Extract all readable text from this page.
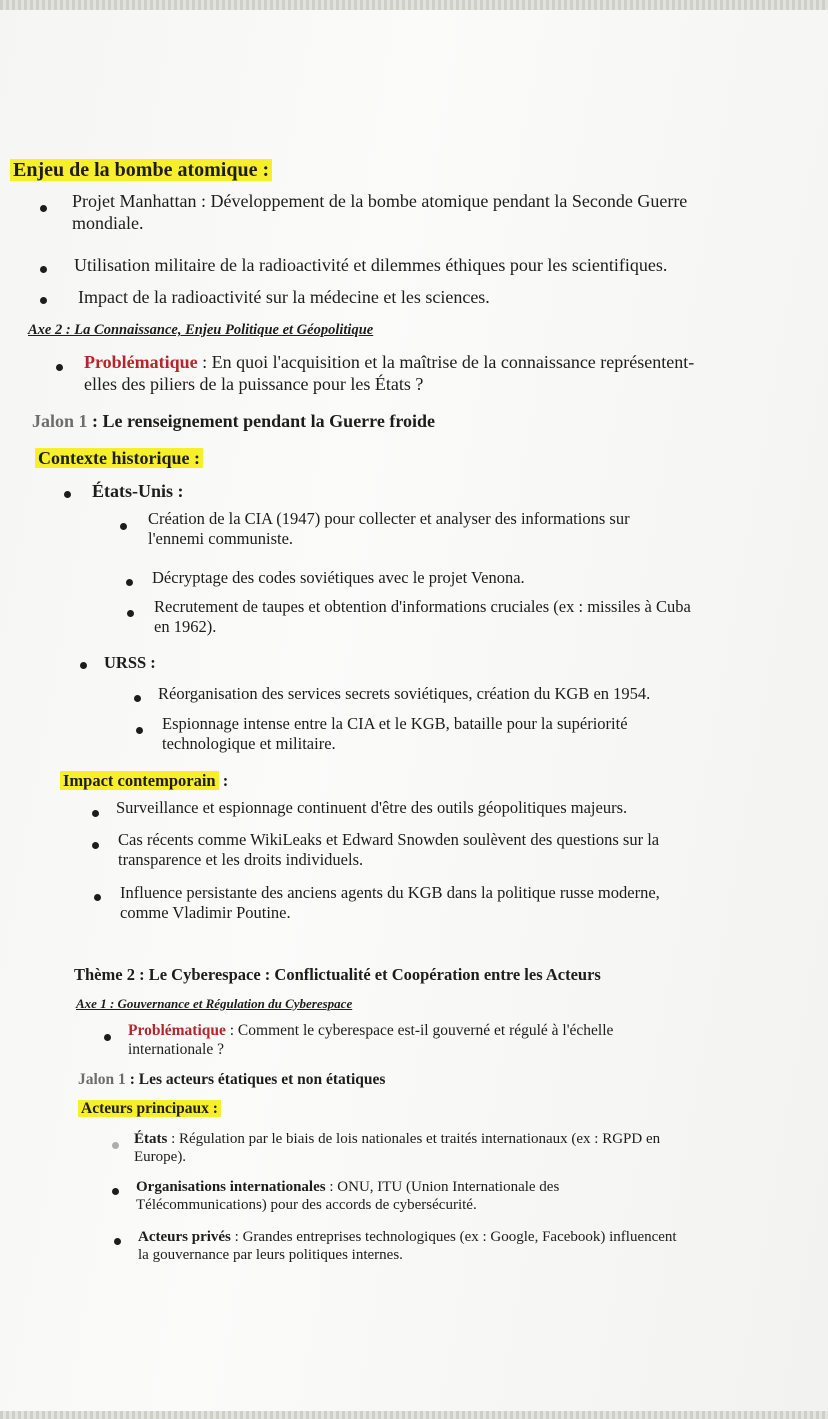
Enjeu de la bombe atomique :
Projet Manhattan : Développement de la bombe atomique pendant la Seconde Guerre mondiale.
Utilisation militaire de la radioactivité et dilemmes éthiques pour les scientifiques.
Impact de la radioactivité sur la médecine et les sciences.
Axe 2 : La Connaissance, Enjeu Politique et Géopolitique
Problématique : En quoi l'acquisition et la maîtrise de la connaissance représentent-elles des piliers de la puissance pour les États ?
Jalon 1 : Le renseignement pendant la Guerre froide
Contexte historique :
États-Unis :
Création de la CIA (1947) pour collecter et analyser des informations sur l'ennemi communiste.
Décryptage des codes soviétiques avec le projet Venona.
Recrutement de taupes et obtention d'informations cruciales (ex : missiles à Cuba en 1962).
URSS :
Réorganisation des services secrets soviétiques, création du KGB en 1954.
Espionnage intense entre la CIA et le KGB, bataille pour la supériorité technologique et militaire.
Impact contemporain :
Surveillance et espionnage continuent d'être des outils géopolitiques majeurs.
Cas récents comme WikiLeaks et Edward Snowden soulèvent des questions sur la transparence et les droits individuels.
Influence persistante des anciens agents du KGB dans la politique russe moderne, comme Vladimir Poutine.
Thème 2 : Le Cyberespace : Conflictualité et Coopération entre les Acteurs
Axe 1 : Gouvernance et Régulation du Cyberespace
Problématique : Comment le cyberespace est-il gouverné et régulé à l'échelle internationale ?
Jalon 1 : Les acteurs étatiques et non étatiques
Acteurs principaux :
États : Régulation par le biais de lois nationales et traités internationaux (ex : RGPD en Europe).
Organisations internationales : ONU, ITU (Union Internationale des Télécommunications) pour des accords de cybersécurité.
Acteurs privés : Grandes entreprises technologiques (ex : Google, Facebook) influencent la gouvernance par leurs politiques internes.
